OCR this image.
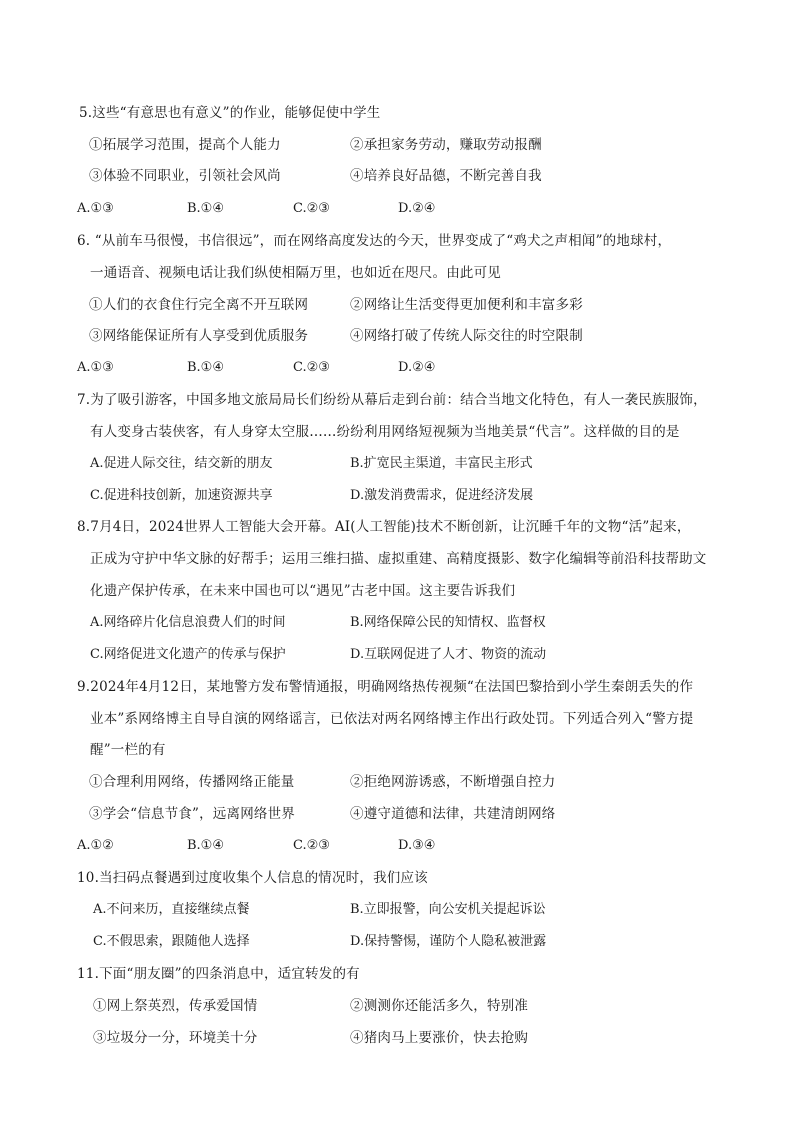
5.这些“有意思也有意义”的作业，能够促使中学生
①拓展学习范围，提高个人能力	②承担家务劳动，赚取劳动报酬
③体验不同职业，引领社会风尚	④培养良好品德，不断完善自我
A.①③	B.①④	C.②③	D.②④
6. “从前车马很慢，书信很远”，而在网络高度发达的今天，世界变成了“鸡犬之声相闻”的地球村，
一通语音、视频电话让我们纵使相隔万里，也如近在咫尺。由此可见
①人们的衣食住行完全离不开互联网	②网络让生活变得更加便利和丰富多彩
③网络能保证所有人享受到优质服务	④网络打破了传统人际交往的时空限制
A.①③	B.①④	C.②③	D.②④
7.为了吸引游客，中国多地文旅局局长们纷纷从幕后走到台前：结合当地文化特色，有人一袭民族服饰，
有人变身古装侠客，有人身穿太空服……纷纷利用网络短视频为当地美景“代言”。这样做的目的是
A.促进人际交往，结交新的朋友	B.扩宽民主渠道，丰富民主形式
C.促进科技创新，加速资源共享	D.激发消费需求，促进经济发展
8.7月4日，2024世界人工智能大会开幕。AI(人工智能)技术不断创新，让沉睡千年的文物“活”起来，
正成为守护中华文脉的好帮手；运用三维扫描、虚拟重建、高精度摄影、数字化编辑等前沿科技帮助文
化遗产保护传承，在未来中国也可以“遇见”古老中国。这主要告诉我们
A.网络碎片化信息浪费人们的时间	B.网络保障公民的知情权、监督权
C.网络促进文化遗产的传承与保护	D.互联网促进了人才、物资的流动
9.2024年4月12日，某地警方发布警情通报，明确网络热传视频“在法国巴黎拾到小学生秦朗丢失的作
业本”系网络博主自导自演的网络谣言，已依法对两名网络博主作出行政处罚。下列适合列入“警方提
醒”一栏的有
①合理利用网络，传播网络正能量	②拒绝网游诱惑，不断增强自控力
③学会“信息节食”，远离网络世界	④遵守道德和法律，共建清朗网络
A.①②	B.①④	C.②③	D.③④
10.当扫码点餐遇到过度收集个人信息的情况时，我们应该
A.不问来历，直接继续点餐	B.立即报警，向公安机关提起诉讼
C.不假思索，跟随他人选择	D.保持警惕，谨防个人隐私被泄露
11.下面“朋友圈”的四条消息中，适宜转发的有
①网上祭英烈，传承爱国情	②测测你还能活多久，特别准
③垃圾分一分，环境美十分	④猪肉马上要涨价，快去抢购
